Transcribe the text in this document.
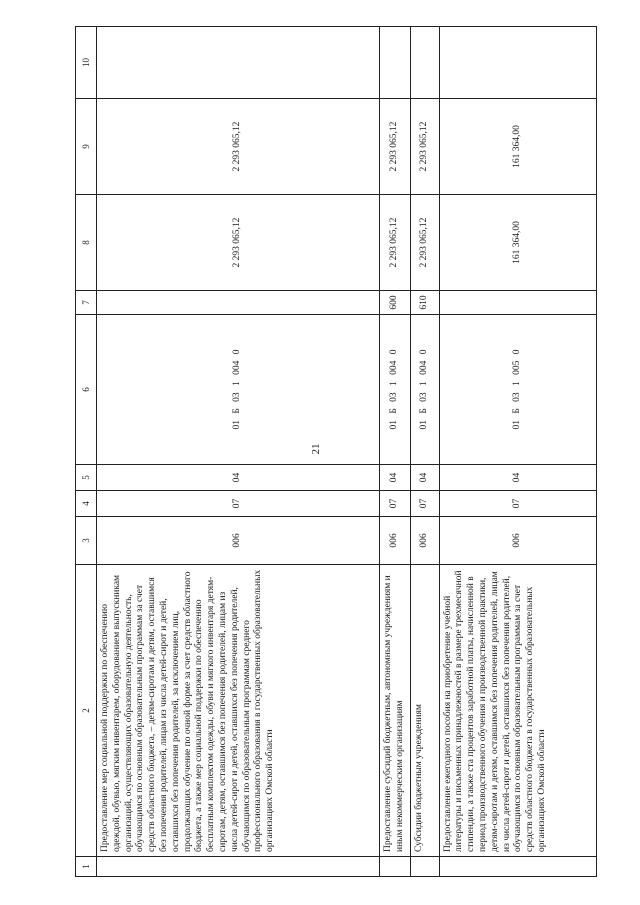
21
1	2	3	4	5	6	7	8	9	10
	Предоставление мер социальной поддержки по обеспечению одеждой, обувью, мягким инвентарем, оборудованием выпускникам организаций, осуществляющих образовательную деятельность, обучающимся по основным образовательным программам за счет средств областного бюджета, – детям-сиротам и детям, оставшимся без попечения родителей, лицам из числа детей-сирот и детей, оставшихся без попечения родителей, за исключением лиц, продолжающих обучение по очной форме за счет средств областного бюджета, а также мер социальной поддержки по обеспечению бесплатным комплектом одежды, обуви и мягкого инвентаря детям-сиротам, детям, оставшимся без попечения родителей, лицам из числа детей-сирот и детей, оставшихся без попечения родителей, обучающимся по образовательным программам среднего профессионального образования в государственных образовательных организациях Омской области	006	07	04	01 Б 03 1 004 0		2 293 065,12	2 293 065,12	
	Предоставление субсидий бюджетным, автономным учреждениям и иным некоммерческим организациям	006	07	04	01 Б 03 1 004 0	600	2 293 065,12	2 293 065,12	
	Субсидии бюджетным учреждениям	006	07	04	01 Б 03 1 004 0	610	2 293 065,12	2 293 065,12	
	Предоставление ежегодного пособия на приобретение учебной литературы и письменных принадлежностей в размере трехмесячной стипендии, а также ста процентов заработной платы, начисленной в период производственного обучения и производственной практики, детям-сиротам и детям, оставшимся без попечения родителей, лицам из числа детей-сирот и детей, оставшихся без попечения родителей, обучающимся по основным образовательным программам за счет средств областного бюджета в государственных образовательных организациях Омской области	006	07	04	01 Б 03 1 005 0		161 364,00	161 364,00	
